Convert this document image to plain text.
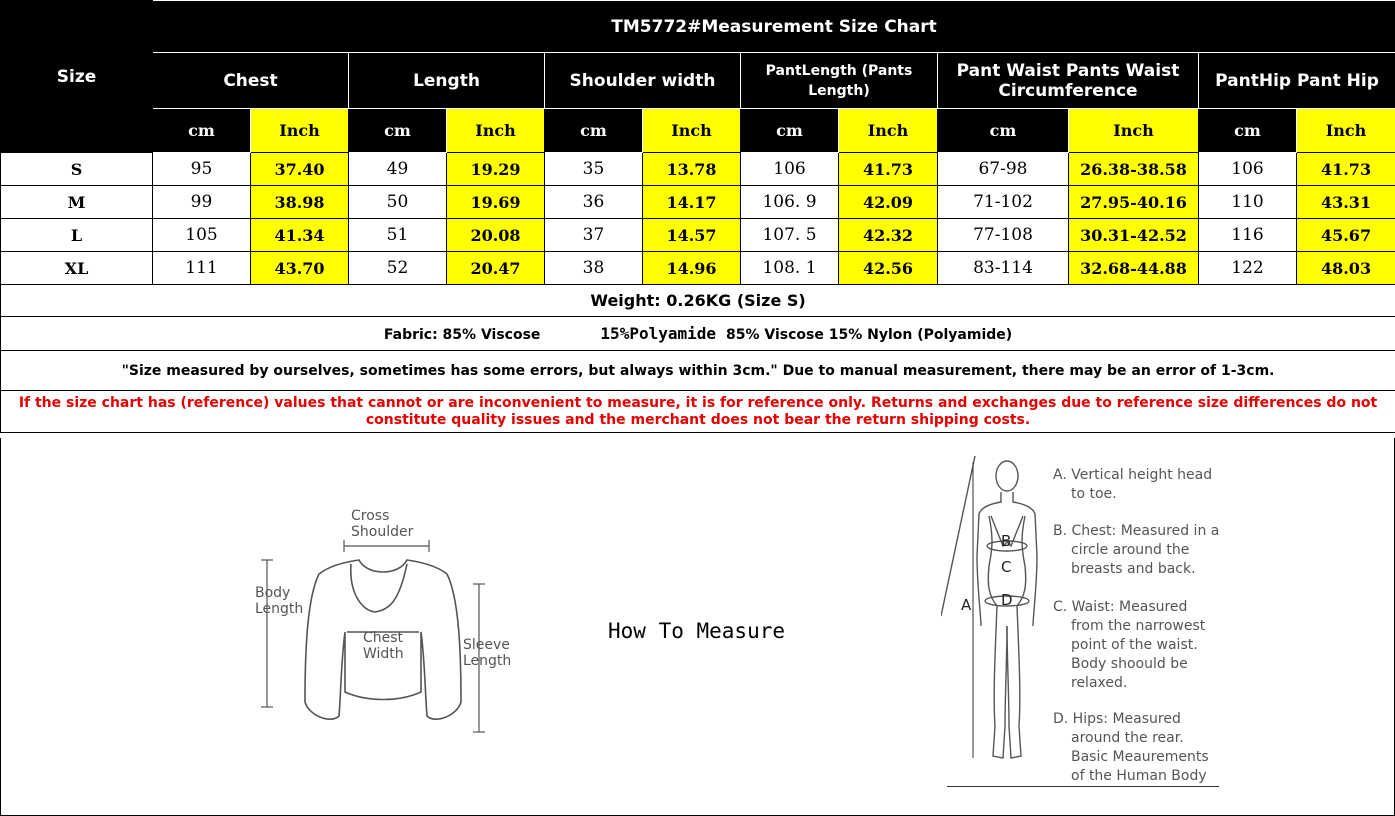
Size	TM5772#Measurement Size Chart											
	Chest		Length		Shoulder width		PantLength (Pants Length)		Pant Waist Pants Waist Circumference		PantHip Pant Hip	
	cm	Inch	cm	Inch	cm	Inch	cm	Inch	cm	Inch	cm	Inch
S	95	37.40	49	19.29	35	13.78	106	41.73	67-98	26.38-38.58	106	41.73
M	99	38.98	50	19.69	36	14.17	106. 9	42.09	71-102	27.95-40.16	110	43.31
L	105	41.34	51	20.08	37	14.57	107. 5	42.32	77-108	30.31-42.52	116	45.67
XL	111	43.70	52	20.47	38	14.96	108. 1	42.56	83-114	32.68-44.88	122	48.03
Weight: 0.26KG (Size S)												
Fabric: 85% Viscose 15%Polyamide 85% Viscose 15% Nylon (Polyamide)												
"Size measured by ourselves, sometimes has some errors, but always within 3cm." Due to manual measurement, there may be an error of 1-3cm.												
If the size chart has (reference) values that cannot or are inconvenient to measure, it is for reference only. Returns and exchanges due to reference size differences do not constitute quality issues and the merchant does not bear the return shipping costs.												
Cross
Shoulder
Body
Length
Chest
Width
Sleeve
Length
How To Measure
B
C
D
A
A. Vertical height head

to toe.
B. Chest: Measured in a

circle around the
breasts and back.
C. Waist: Measured

from the narrowest
point of the waist.
Body shoould be
relaxed.
D. Hips: Measured

around the rear.
Basic Meaurements
of the Human Body
